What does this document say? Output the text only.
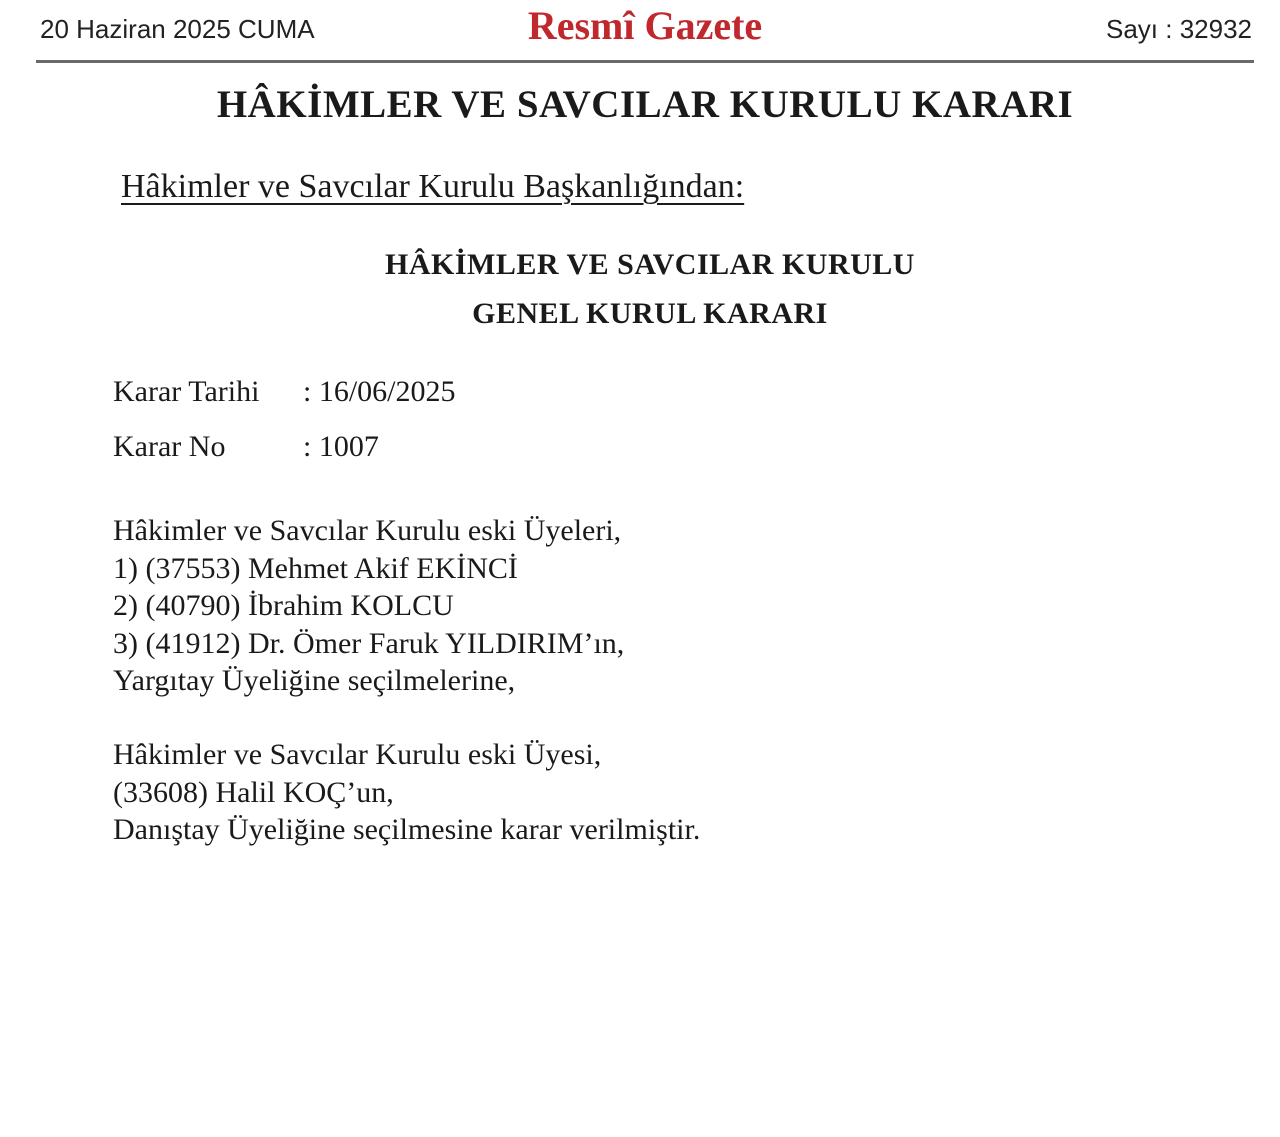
20 Haziran 2025 CUMA	Resmî Gazete	Sayı : 32932
HÂKİMLER VE SAVCILAR KURULU KARARI
Hâkimler ve Savcılar Kurulu Başkanlığından:
HÂKİMLER VE SAVCILAR KURULU
GENEL KURUL KARARI
Karar Tarihi : 16/06/2025
Karar No	: 1007
Hâkimler ve Savcılar Kurulu eski Üyeleri,
1) (37553) Mehmet Akif EKİNCİ
2) (40790) İbrahim KOLCU
3) (41912) Dr. Ömer Faruk YILDIRIM’ın,
Yargıtay Üyeliğine seçilmelerine,
Hâkimler ve Savcılar Kurulu eski Üyesi,
(33608) Halil KOÇ’un,
Danıştay Üyeliğine seçilmesine karar verilmiştir.
